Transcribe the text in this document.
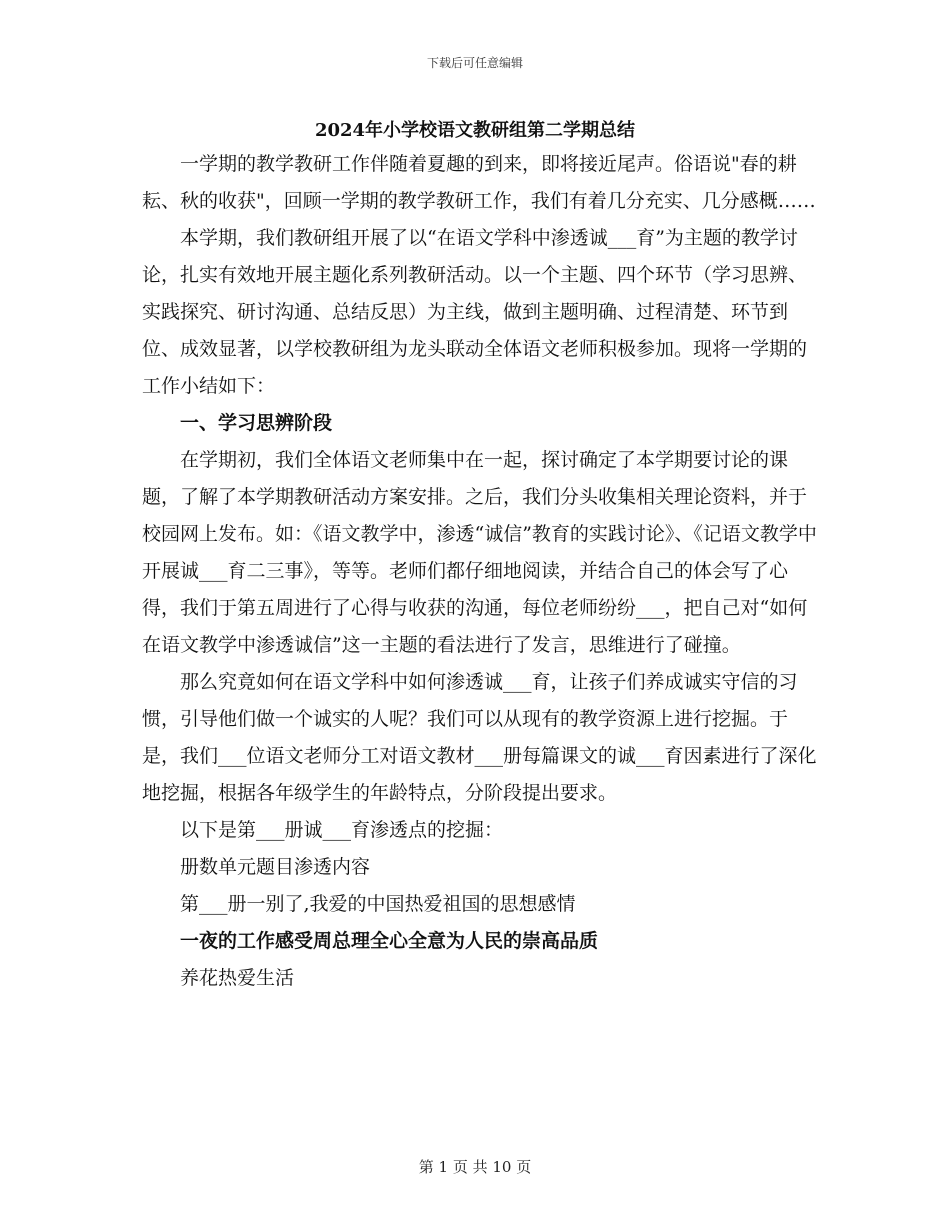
下载后可任意编辑
2024年小学校语文教研组第二学期总结

一学期的教学教研工作伴随着夏趣的到来，即将接近尾声。俗语说"春的耕耘、秋的收获"，回顾一学期的教学教研工作，我们有着几分充实、几分感概……

本学期，我们教研组开展了以“在语文学科中渗透诚___育”为主题的教学讨论，扎实有效地开展主题化系列教研活动。以一个主题、四个环节（学习思辨、实践探究、研讨沟通、总结反思）为主线，做到主题明确、过程清楚、环节到位、成效显著，以学校教研组为龙头联动全体语文老师积极参加。现将一学期的工作小结如下：

一、学习思辨阶段

在学期初，我们全体语文老师集中在一起，探讨确定了本学期要讨论的课题，了解了本学期教研活动方案安排。之后，我们分头收集相关理论资料，并于校园网上发布。如：《语文教学中，渗透“诚信”教育的实践讨论》、《记语文教学中开展诚___育二三事》，等等。老师们都仔细地阅读，并结合自己的体会写了心得，我们于第五周进行了心得与收获的沟通，每位老师纷纷___，把自己对“如何在语文教学中渗透诚信”这一主题的看法进行了发言，思维进行了碰撞。

那么究竟如何在语文学科中如何渗透诚___育，让孩子们养成诚实守信的习惯，引导他们做一个诚实的人呢？我们可以从现有的教学资源上进行挖掘。于是，我们___位语文老师分工对语文教材___册每篇课文的诚___育因素进行了深化地挖掘，根据各年级学生的年龄特点，分阶段提出要求。

以下是第___册诚___育渗透点的挖掘：

册数单元题目渗透内容

第___册一别了,我爱的中国热爱祖国的思想感情

一夜的工作感受周总理全心全意为人民的崇高品质

养花热爱生活

第 1 页 共 10 页
